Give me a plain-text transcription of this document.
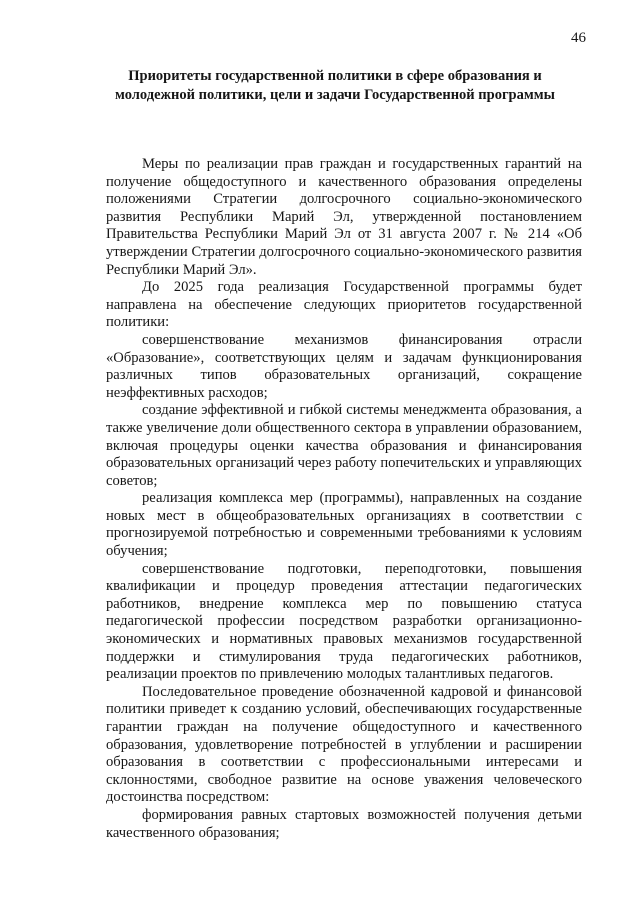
46
Приоритеты государственной политики в сфере образования и молодежной политики, цели и задачи Государственной программы

Меры по реализации прав граждан и государственных гарантий на получение общедоступного и качественного образования определены положениями Стратегии долгосрочного социально-экономического развития Республики Марий Эл, утвержденной постановлением Правительства Республики Марий Эл от 31 августа 2007 г. № 214 «Об утверждении Стратегии долгосрочного социально-экономического развития Республики Марий Эл».

До 2025 года реализация Государственной программы будет направлена на обеспечение следующих приоритетов государственной политики:

совершенствование механизмов финансирования отрасли «Образование», соответствующих целям и задачам функционирования различных типов образовательных организаций, сокращение неэффективных расходов;

создание эффективной и гибкой системы менеджмента образования, а также увеличение доли общественного сектора в управлении образованием, включая процедуры оценки качества образования и финансирования образовательных организаций через работу попечительских и управляющих советов;

реализация комплекса мер (программы), направленных на создание новых мест в общеобразовательных организациях в соответствии с прогнозируемой потребностью и современными требованиями к условиям обучения;

совершенствование подготовки, переподготовки, повышения квалификации и процедур проведения аттестации педагогических работников, внедрение комплекса мер по повышению статуса педагогической профессии посредством разработки организационно-экономических и нормативных правовых механизмов государственной поддержки и стимулирования труда педагогических работников, реализации проектов по привлечению молодых талантливых педагогов.

Последовательное проведение обозначенной кадровой и финансовой политики приведет к созданию условий, обеспечивающих государственные гарантии граждан на получение общедоступного и качественного образования, удовлетворение потребностей в углублении и расширении образования в соответствии с профессиональными интересами и склонностями, свободное развитие на основе уважения человеческого достоинства посредством:

формирования равных стартовых возможностей получения детьми качественного образования;
